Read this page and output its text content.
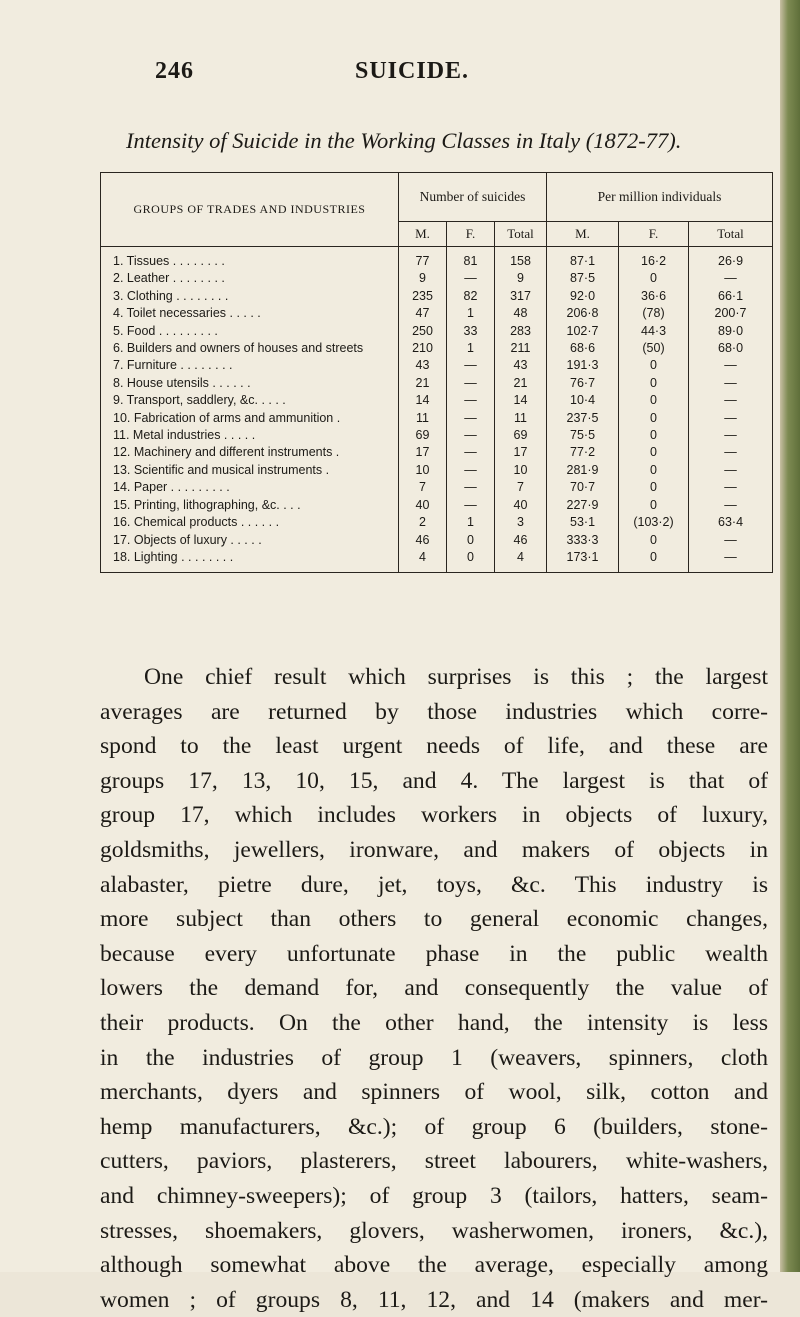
246	SUICIDE.
Intensity of Suicide in the Working Classes in Italy (1872-77).
GROUPS OF TRADES AND INDUSTRIES	Number of suicides			Per million individuals		
	M.	F.	Total	M.	F.	Total
1. Tissues . . . . . . . .	77	81	158	87·1	16·2	26·9
2. Leather . . . . . . . .	9	—	9	87·5	0	—
3. Clothing . . . . . . . .	235	82	317	92·0	36·6	66·1
4. Toilet necessaries . . . . .	47	1	48	206·8	(78)	200·7
5. Food . . . . . . . . .	250	33	283	102·7	44·3	89·0
6. Builders and owners of houses and streets	210	1	211	68·6	(50)	68·0
7. Furniture . . . . . . . .	43	—	43	191·3	0	—
8. House utensils . . . . . .	21	—	21	76·7	0	—
9. Transport, saddlery, &c. . . . .	14	—	14	10·4	0	—
10. Fabrication of arms and ammunition .	11	—	11	237·5	0	—
11. Metal industries . . . . .	69	—	69	75·5	0	—
12. Machinery and different instruments .	17	—	17	77·2	0	—
13. Scientific and musical instruments .	10	—	10	281·9	0	—
14. Paper . . . . . . . . .	7	—	7	70·7	0	—
15. Printing, lithographing, &c. . . .	40	—	40	227·9	0	—
16. Chemical products . . . . . .	2	1	3	53·1	(103·2)	63·4
17. Objects of luxury . . . . .	46	0	46	333·3	0	—
18. Lighting . . . . . . . .	4	0	4	173·1	0	—
One chief result which surprises is this ; the largest
averages are returned by those industries which corre-
spond to the least urgent needs of life, and these are
groups 17, 13, 10, 15, and 4. The largest is that of
group 17, which includes workers in objects of luxury,
goldsmiths, jewellers, ironware, and makers of objects in
alabaster, pietre dure, jet, toys, &c. This industry is
more subject than others to general economic changes,
because every unfortunate phase in the public wealth
lowers the demand for, and consequently the value of
their products. On the other hand, the intensity is less
in the industries of group 1 (weavers, spinners, cloth
merchants, dyers and spinners of wool, silk, cotton and
hemp manufacturers, &c.); of group 6 (builders, stone-
cutters, paviors, plasterers, street labourers, white-washers,
and chimney-sweepers); of group 3 (tailors, hatters, seam-
stresses, shoemakers, glovers, washerwomen, ironers, &c.),
although somewhat above the average, especially among
women ; of groups 8, 11, 12, and 14 (makers and mer-
